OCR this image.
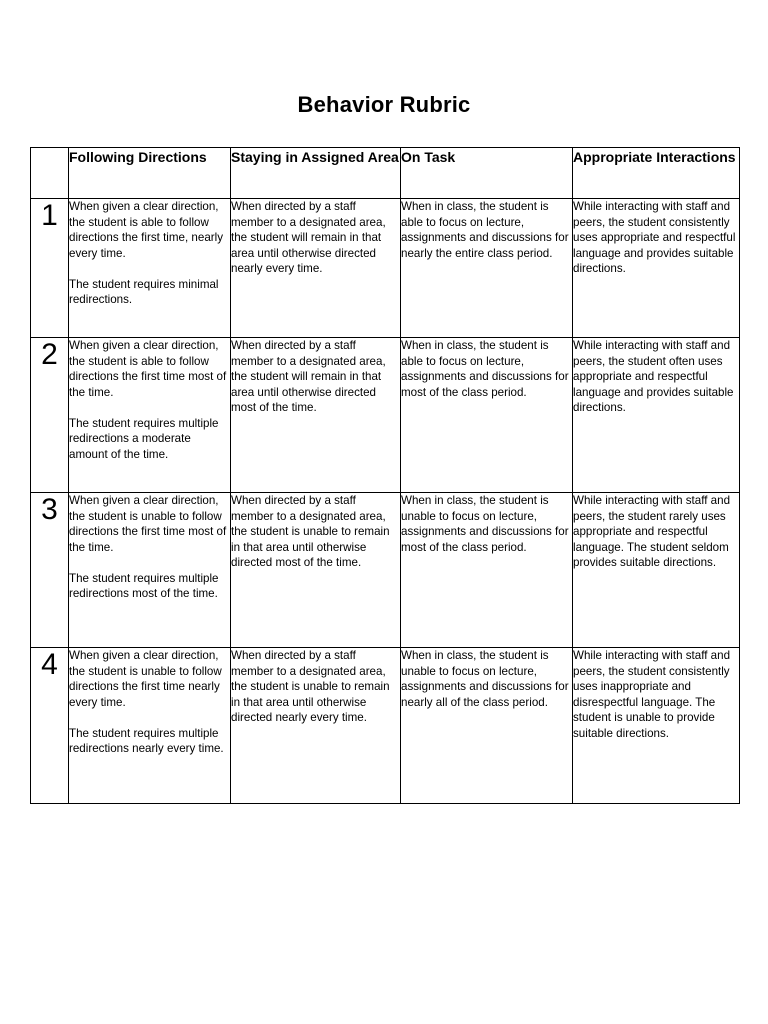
Behavior Rubric
	Following Directions	Staying in Assigned Area	On Task	Appropriate Interactions
1	When given a clear direction, the student is able to follow directions the first time, nearly every time.

The student requires minimal redirections.	When directed by a staff member to a designated area, the student will remain in that area until otherwise directed nearly every time.	When in class, the student is able to focus on lecture, assignments and discussions for nearly the entire class period.	While interacting with staff and peers, the student consistently uses appropriate and respectful language and provides suitable directions.
2	When given a clear direction, the student is able to follow directions the first time most of the time.

The student requires multiple redirections a moderate amount of the time.	When directed by a staff member to a designated area, the student will remain in that area until otherwise directed most of the time.	When in class, the student is able to focus on lecture, assignments and discussions for most of the class period.	While interacting with staff and peers, the student often uses appropriate and respectful language and provides suitable directions.
3	When given a clear direction, the student is unable to follow directions the first time most of the time.

The student requires multiple redirections most of the time.	When directed by a staff member to a designated area, the student is unable to remain in that area until otherwise directed most of the time.	When in class, the student is unable to focus on lecture, assignments and discussions for most of the class period.	While interacting with staff and peers, the student rarely uses appropriate and respectful language. The student seldom provides suitable directions.
4	When given a clear direction, the student is unable to follow directions the first time nearly every time.

The student requires multiple redirections nearly every time.	When directed by a staff member to a designated area, the student is unable to remain in that area until otherwise directed nearly every time.	When in class, the student is unable to focus on lecture, assignments and discussions for nearly all of the class period.	While interacting with staff and peers, the student consistently uses inappropriate and disrespectful language. The student is unable to provide suitable directions.
